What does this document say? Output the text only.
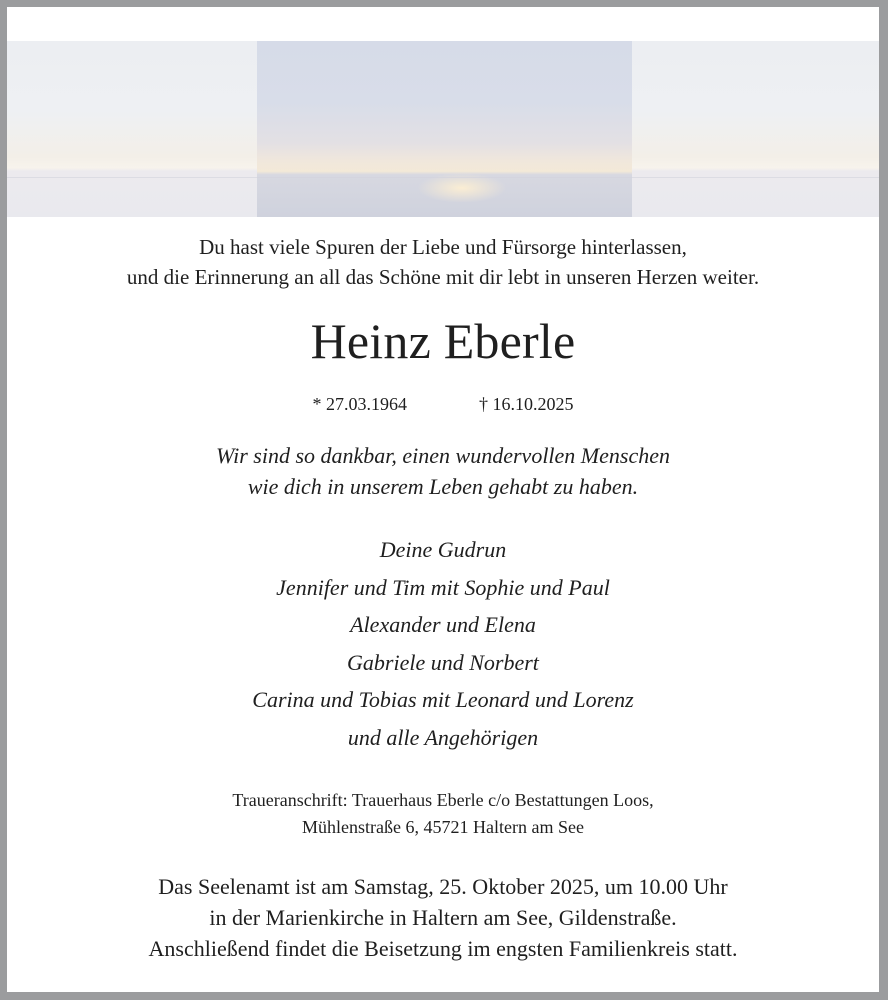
Du hast viele Spuren der Liebe und Fürsorge hinterlassen,
und die Erinnerung an all das Schöne mit dir lebt in unseren Herzen weiter.
Heinz Eberle
* 27.03.1964	† 16.10.2025
Wir sind so dankbar, einen wundervollen Menschen
wie dich in unserem Leben gehabt zu haben.
Deine Gudrun
Jennifer und Tim mit Sophie und Paul
Alexander und Elena
Gabriele und Norbert
Carina und Tobias mit Leonard und Lorenz
und alle Angehörigen
Traueranschrift: Trauerhaus Eberle c/o Bestattungen Loos,
Mühlenstraße 6, 45721 Haltern am See
Das Seelenamt ist am Samstag, 25. Oktober 2025, um 10.00 Uhr
in der Marienkirche in Haltern am See, Gildenstraße.
Anschließend findet die Beisetzung im engsten Familienkreis statt.
